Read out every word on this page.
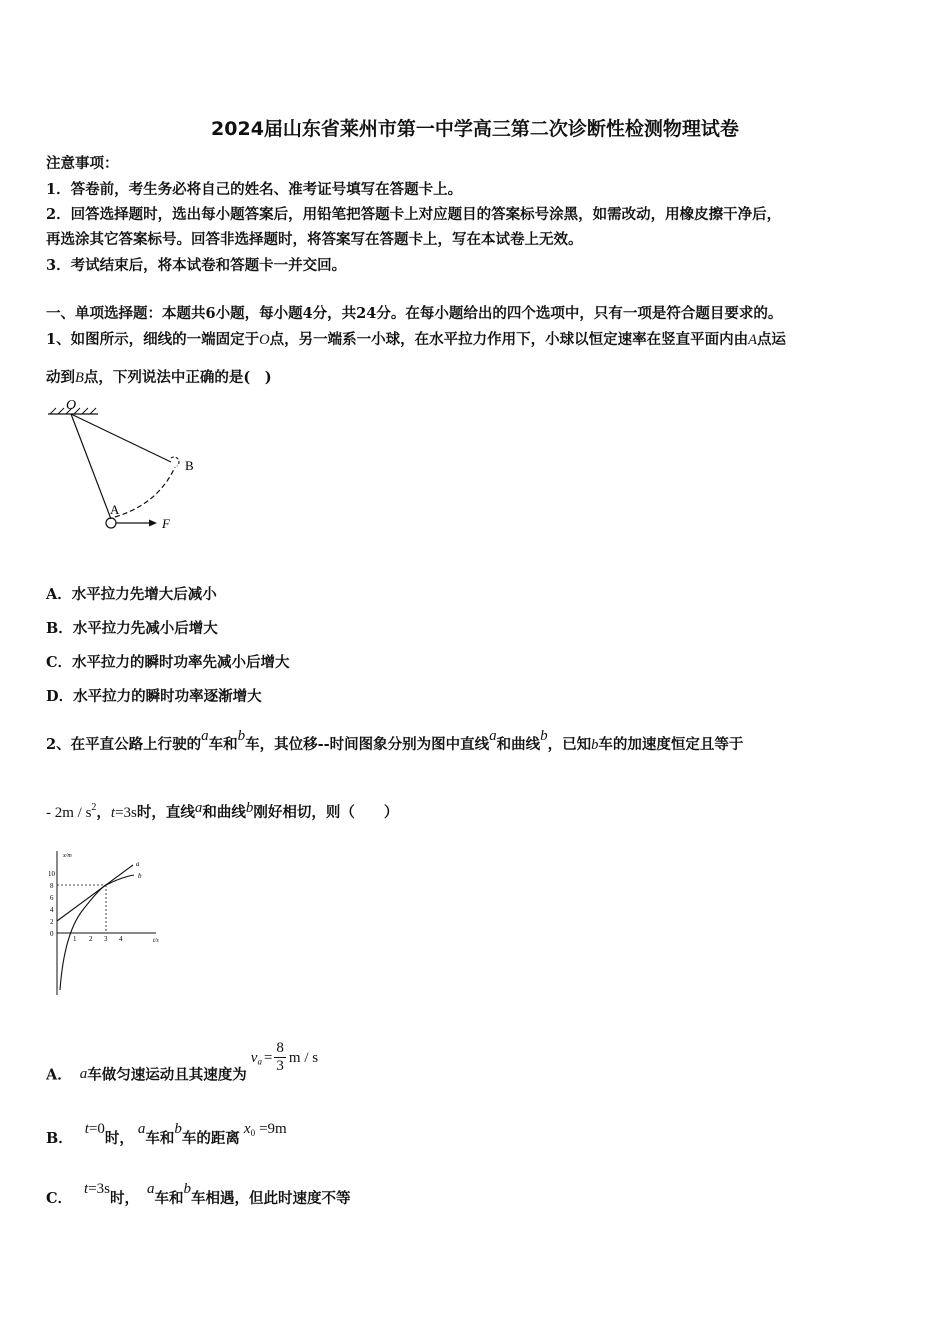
2024届山东省莱州市第一中学高三第二次诊断性检测物理试卷
注意事项：
1．答卷前，考生务必将自己的姓名、准考证号填写在答题卡上。
2．回答选择题时，选出每小题答案后，用铅笔把答题卡上对应题目的答案标号涂黑，如需改动，用橡皮擦干净后，
再选涂其它答案标号。回答非选择题时，将答案写在答题卡上，写在本试卷上无效。
3．考试结束后，将本试卷和答题卡一并交回。
一、单项选择题：本题共6小题，每小题4分，共24分。在每小题给出的四个选项中，只有一项是符合题目要求的。
1、如图所示，细线的一端固定于O点，另一端系一小球，在水平拉力作用下，小球以恒定速率在竖直平面内由A点运
动到B点，下列说法中正确的是(　)
O
B
A
F
A．水平拉力先增大后减小
B．水平拉力先减小后增大
C．水平拉力的瞬时功率先减小后增大
D．水平拉力的瞬时功率逐渐增大
2、在平直公路上行驶的a车和b车，其位移--时间图象分别为图中直线a和曲线b，已知b车的加速度恒定且等于
- $2m / s^2$，t=3s时，直线a和曲线b刚好相切，则（　　）
x/m
t/s
10
8
6
4
2
0
1 2 3 4
a
b
A． a车做匀速运动且其速度为$v_a = \frac{8}{3}$ m / s
B．t=0时，a车和b车的距离$x_0 =9m$
C．t=3s时，a车和b车相遇，但此时速度不等
